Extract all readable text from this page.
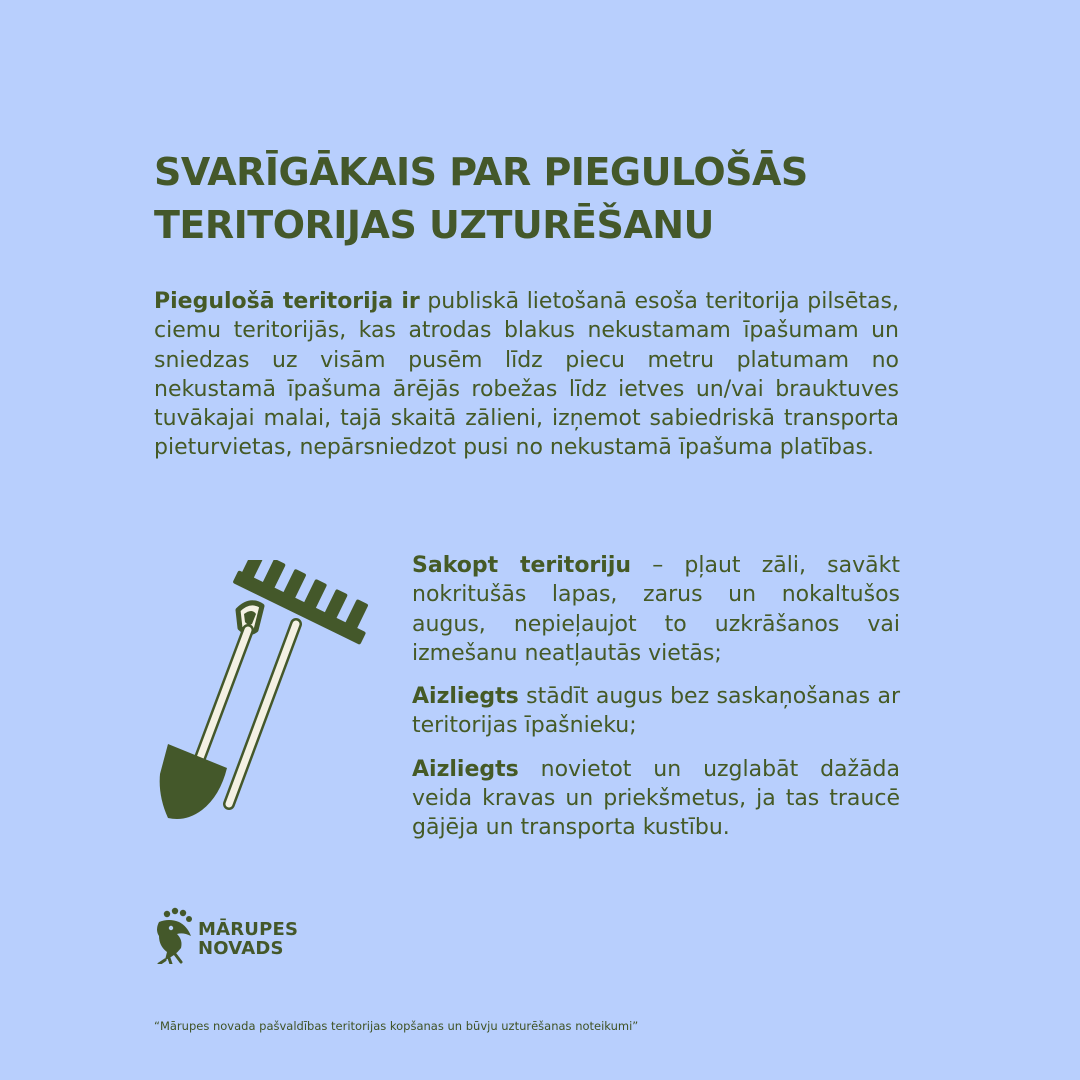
SVARĪGĀKAIS PAR PIEGULOŠĀS
TERITORIJAS UZTURĒŠANU

Piegulošā teritorija ir publiskā lietošanā esoša teritorija pilsētas, ciemu teritorijās, kas atrodas blakus nekustamam īpašumam un sniedzas uz visām pusēm līdz piecu metru platumam no nekustamā īpašuma ārējās robežas līdz ietves un/vai brauktuves tuvākajai malai, tajā skaitā zālieni, izņemot sabiedriskā transporta pieturvietas, nepārsniedzot pusi no nekustamā īpašuma platības.

Sakopt teritoriju – pļaut zāli, savākt nokritušās lapas, zarus un nokaltušos augus, nepieļaujot to uzkrāšanos vai izmešanu neatļautās vietās;

Aizliegts stādīt augus bez saskaņošanas ar teritorijas īpašnieku;

Aizliegts novietot un uzglabāt dažāda veida kravas un priekšmetus, ja tas traucē gājēja un transporta kustību.

MĀRUPES
NOVADS

“Mārupes novada pašvaldības teritorijas kopšanas un būvju uzturēšanas noteikumi”
